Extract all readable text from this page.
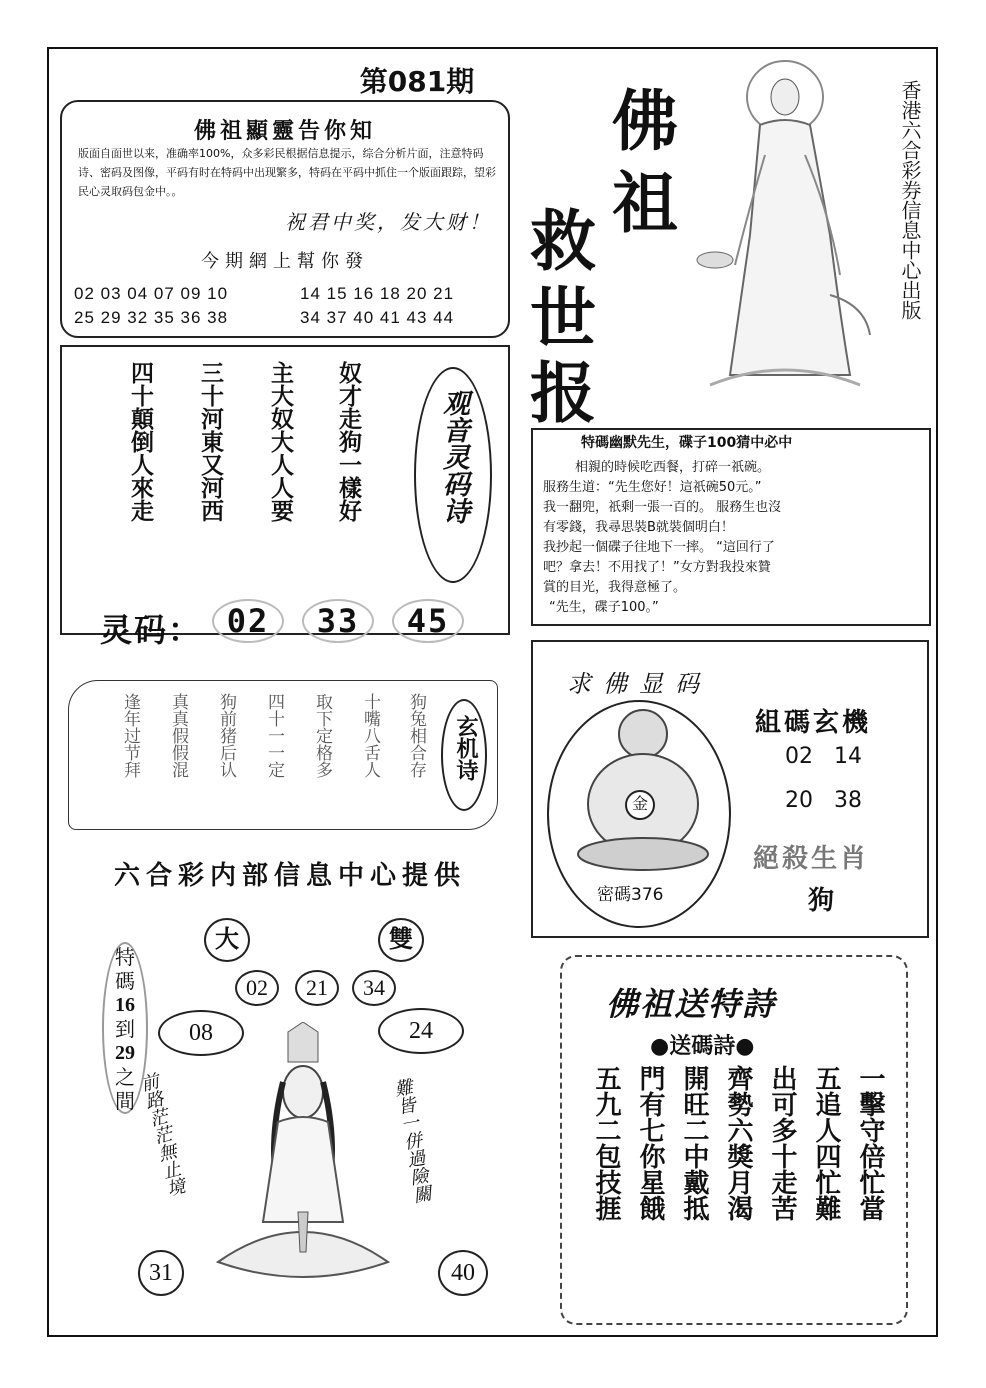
第081期
佛祖顯靈告你知
版面自面世以来，准确率100%，众多彩民根据信息提示，综合分析片面，注意特码诗、密码及图像，平码有时在特码中出现繁多，特码在平码中抓住一个版面跟踪，望彩民心灵取码包金中。。
祝君中奖，发大财！
今期網上幫你發
02 03 04 07 09 10	14 15 16 18 20 21
25 29 32 35 36 38	34 37 40 41 43 44
四十顛倒人來走	三十河東又河西	主大奴大人人要	奴才走狗一樣好	观音灵码诗
灵码： 02	33	45
逢年过节拜 真真假假混 狗前猪后认 四十一一定 取下定格多 十嘴八舌人 狗兔相合存 玄机诗
六合彩内部信息中心提供
佛
祖
救
世
报
香港六合彩券信息中心出版
特碼幽默先生，碟子100猜中必中
相親的時候吃西餐，打碎一祇碗。
服務生道：“先生您好！這祇碗50元。”
我一翻兜，祇剩一張一百的。 服務生也沒
有零錢，我尋思裝B就裝個明白！
我抄起一個碟子往地下一摔。 “這回行了
吧？拿去！不用找了！”女方對我投來贊
賞的目光，我得意極了。
“先生，碟子100。”
求佛显码
金
密碼376
組碼玄機
02   14
20   38
絕殺生肖
狗
大	雙
特
碼
16
到
29
之
間
02	21	34
08	24
31	40
前路茫茫無止境	難皆一併過險關
佛祖送特詩
●送碼詩●
五九二包技捱 門有七你星餓 開旺二中戴抵 齊勢六獎月渴 出可多十走苦 五追人四忙難 一擊守倍忙當
